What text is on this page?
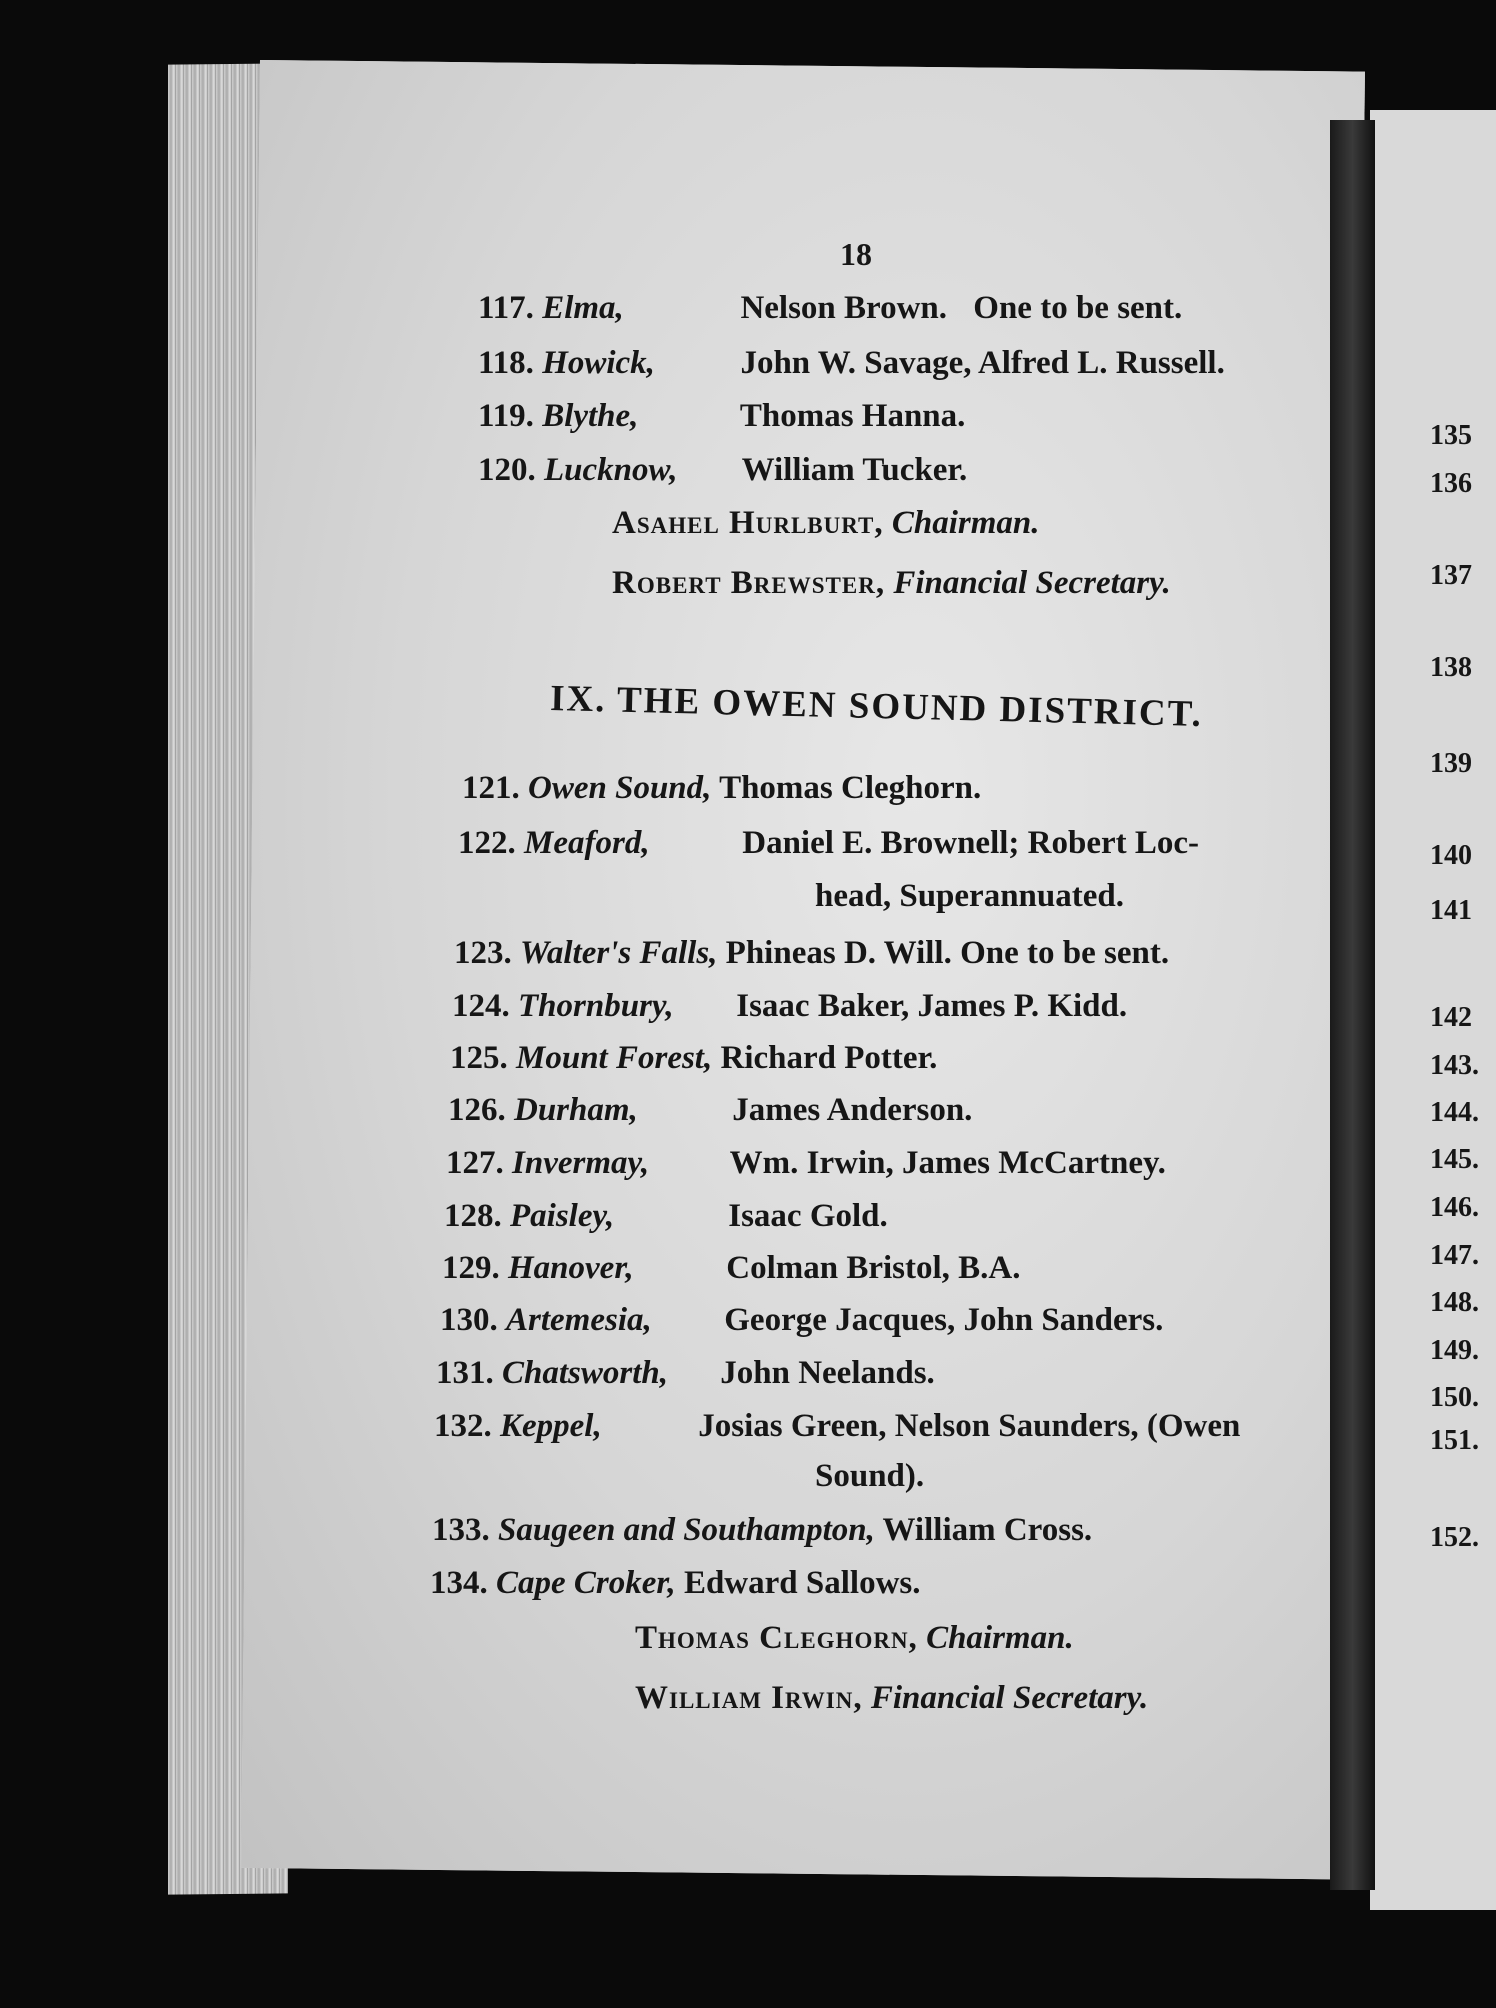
18
117. Elma,	Nelson Brown. One to be sent.
118. Howick,	John W. Savage, Alfred L. Russell.
119. Blythe,	Thomas Hanna.
120. Lucknow, William Tucker.
Asahel Hurlburt, Chairman.
Robert Brewster, Financial Secretary.
IX. THE OWEN SOUND DISTRICT.
121. Owen Sound, Thomas Cleghorn.
122. Meaford,	Daniel E. Brownell; Robert Loc-
head, Superannuated.
123. Walter's Falls, Phineas D. Will. One to be sent.
124. Thornbury, Isaac Baker, James P. Kidd.
125. Mount Forest, Richard Potter.
126. Durham,	James Anderson.
127. Invermay, Wm. Irwin, James McCartney.
128. Paisley,	Isaac Gold.
129. Hanover,	Colman Bristol, B.A.
130. Artemesia, George Jacques, John Sanders.
131. Chatsworth, John Neelands.
132. Keppel,	Josias Green, Nelson Saunders, (Owen
Sound).
133. Saugeen and Southampton, William Cross.
134. Cape Croker, Edward Sallows.
Thomas Cleghorn, Chairman.
William Irwin, Financial Secretary.
135
136
137
138
139
140
141
142
143.
144.
145.
146.
147.
148.
149.
150.
151.
152.
